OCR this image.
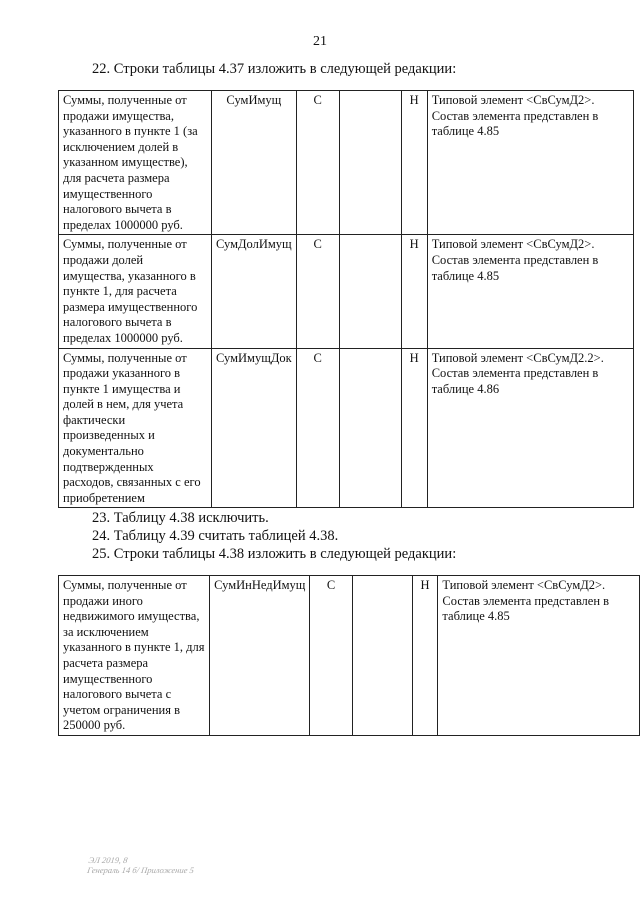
21
22. Строки таблицы 4.37 изложить в следующей редакции:
Суммы, полученные от продажи имущества, указанного в пункте 1 (за исключением долей в указанном имуществе), для расчета размера имущественного налогового вычета в пределах 1000000 руб.	СумИмущ	С		Н	Типовой элемент <СвСумД2>. Состав элемента представлен в таблице 4.85
Суммы, полученные от продажи долей имущества, указанного в пункте 1, для расчета размера имущественного налогового вычета в пределах 1000000 руб.	СумДолИмущ	С		Н	Типовой элемент <СвСумД2>. Состав элемента представлен в таблице 4.85
Суммы, полученные от продажи указанного в пункте 1 имущества и долей в нем, для учета фактически произведенных и документально подтвержденных расходов, связанных с его приобретением	СумИмущДок	С		Н	Типовой элемент <СвСумД2.2>. Состав элемента представлен в таблице 4.86
23. Таблицу 4.38 исключить.
24. Таблицу 4.39 считать таблицей 4.38.
25. Строки таблицы 4.38 изложить в следующей редакции:
Суммы, полученные от продажи иного недвижимого имущества, за исключением указанного в пункте 1, для расчета размера имущественного налогового вычета с учетом ограничения в 250000 руб.	СумИнНедИмущ	С		Н	Типовой элемент <СвСумД2>. Состав элемента представлен в таблице 4.85
ЭЛ 2019, 8
Генераль 14 б/ Приложение 5
